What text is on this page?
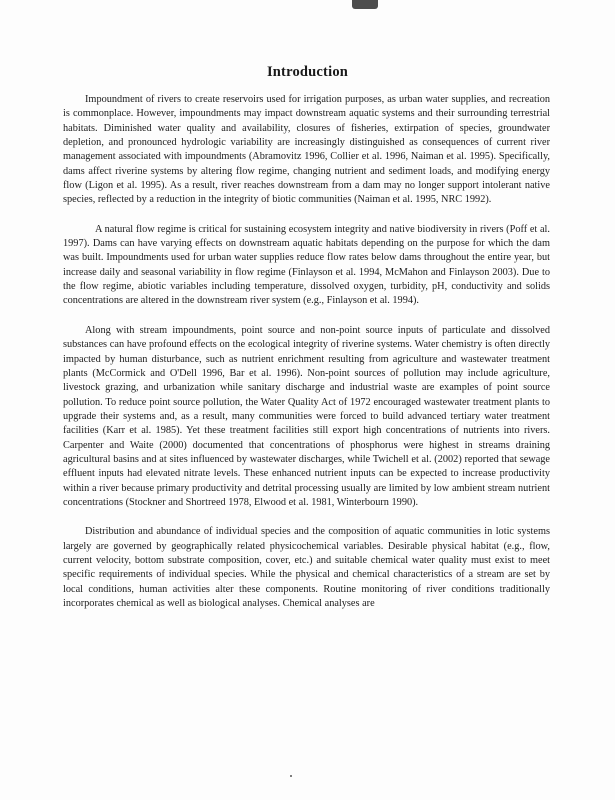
Introduction

Impoundment of rivers to create reservoirs used for irrigation purposes, as urban water supplies, and recreation is commonplace. However, impoundments may impact downstream aquatic systems and their surrounding terrestrial habitats. Diminished water quality and availability, closures of fisheries, extirpation of species, groundwater depletion, and pronounced hydrologic variability are increasingly distinguished as consequences of current river management associated with impoundments (Abramovitz 1996, Collier et al. 1996, Naiman et al. 1995). Specifically, dams affect riverine systems by altering flow regime, changing nutrient and sediment loads, and modifying energy flow (Ligon et al. 1995). As a result, river reaches downstream from a dam may no longer support intolerant native species, reflected by a reduction in the integrity of biotic communities (Naiman et al. 1995, NRC 1992).

A natural flow regime is critical for sustaining ecosystem integrity and native biodiversity in rivers (Poff et al. 1997). Dams can have varying effects on downstream aquatic habitats depending on the purpose for which the dam was built. Impoundments used for urban water supplies reduce flow rates below dams throughout the entire year, but increase daily and seasonal variability in flow regime (Finlayson et al. 1994, McMahon and Finlayson 2003). Due to the flow regime, abiotic variables including temperature, dissolved oxygen, turbidity, pH, conductivity and solids concentrations are altered in the downstream river system (e.g., Finlayson et al. 1994).

Along with stream impoundments, point source and non-point source inputs of particulate and dissolved substances can have profound effects on the ecological integrity of riverine systems. Water chemistry is often directly impacted by human disturbance, such as nutrient enrichment resulting from agriculture and wastewater treatment plants (McCormick and O'Dell 1996, Bar et al. 1996). Non-point sources of pollution may include agriculture, livestock grazing, and urbanization while sanitary discharge and industrial waste are examples of point source pollution. To reduce point source pollution, the Water Quality Act of 1972 encouraged wastewater treatment plants to upgrade their systems and, as a result, many communities were forced to build advanced tertiary water treatment facilities (Karr et al. 1985). Yet these treatment facilities still export high concentrations of nutrients into rivers. Carpenter and Waite (2000) documented that concentrations of phosphorus were highest in streams draining agricultural basins and at sites influenced by wastewater discharges, while Twichell et al. (2002) reported that sewage effluent inputs had elevated nitrate levels. These enhanced nutrient inputs can be expected to increase productivity within a river because primary productivity and detrital processing usually are limited by low ambient stream nutrient concentrations (Stockner and Shortreed 1978, Elwood et al. 1981, Winterbourn 1990).

Distribution and abundance of individual species and the composition of aquatic communities in lotic systems largely are governed by geographically related physicochemical variables. Desirable physical habitat (e.g., flow, current velocity, bottom substrate composition, cover, etc.) and suitable chemical water quality must exist to meet specific requirements of individual species. While the physical and chemical characteristics of a stream are set by local conditions, human activities alter these components. Routine monitoring of river conditions traditionally incorporates chemical as well as biological analyses. Chemical analyses are
